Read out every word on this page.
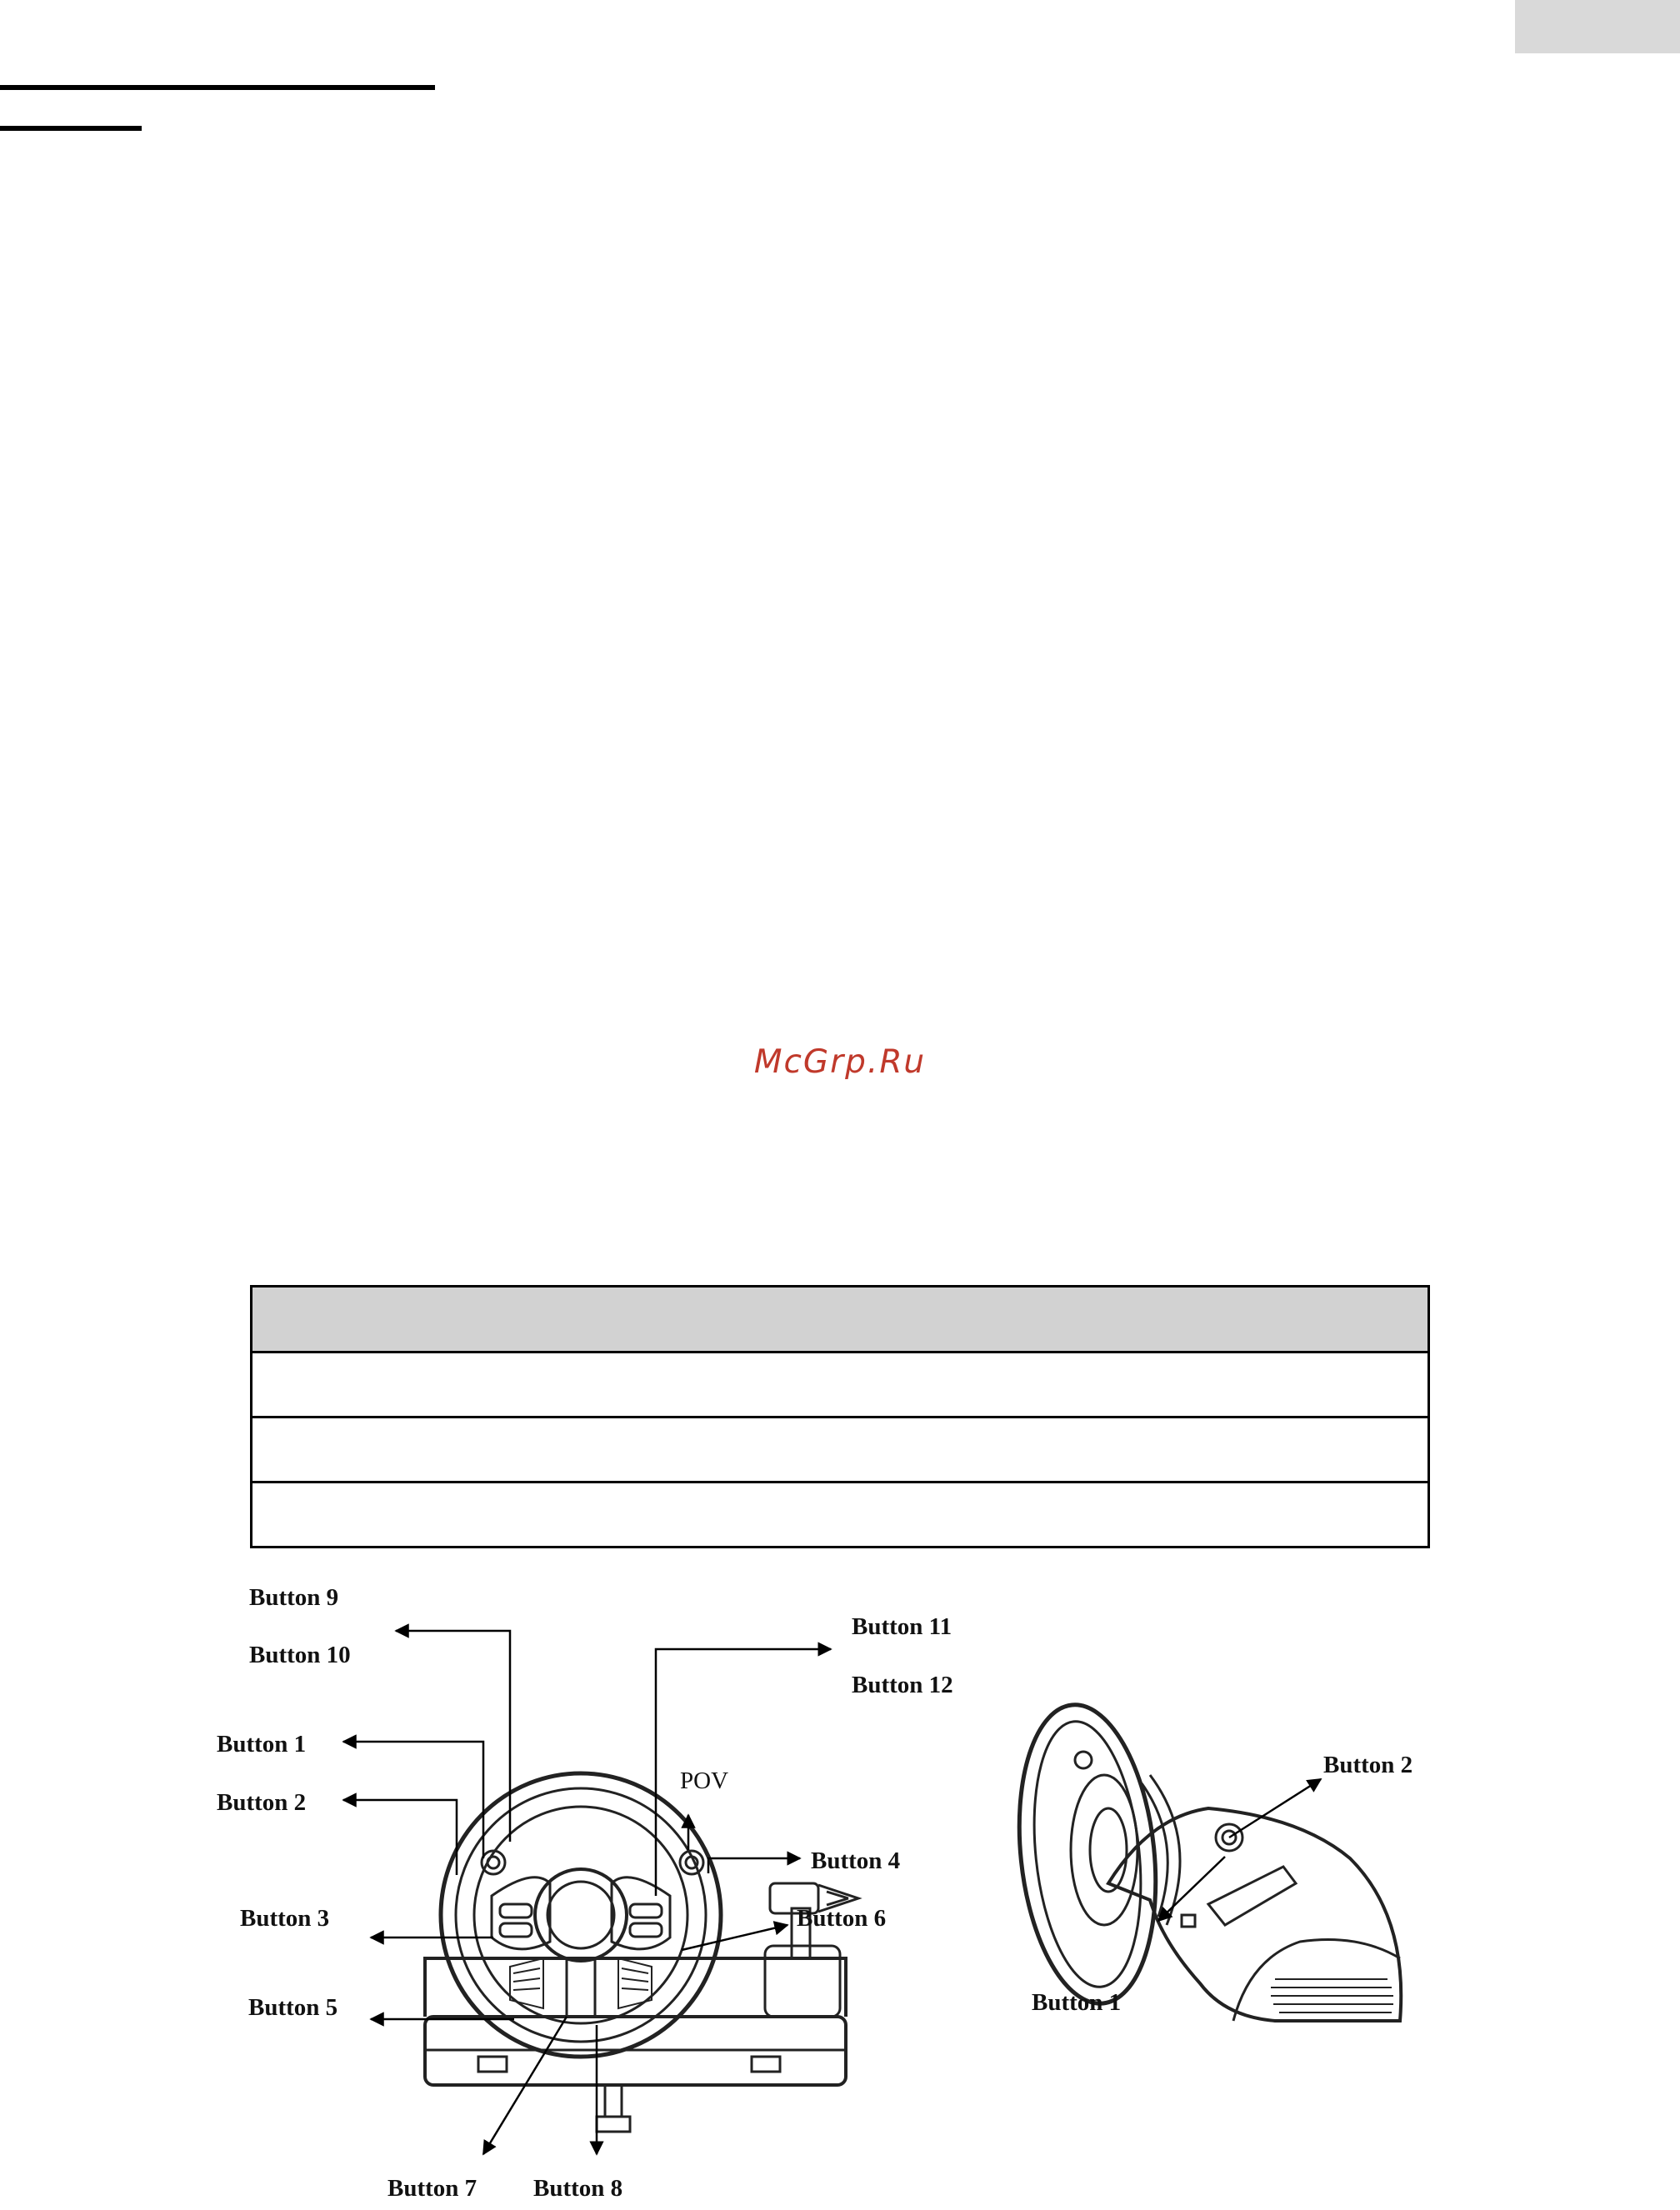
McGrp.Ru

Button 9
Button 10
Button 1
Button 2
Button 3
Button 5
Button 11
Button 12
POV
Button 4
Button 6
Button 7 Button 8
Button 2
Button 1
